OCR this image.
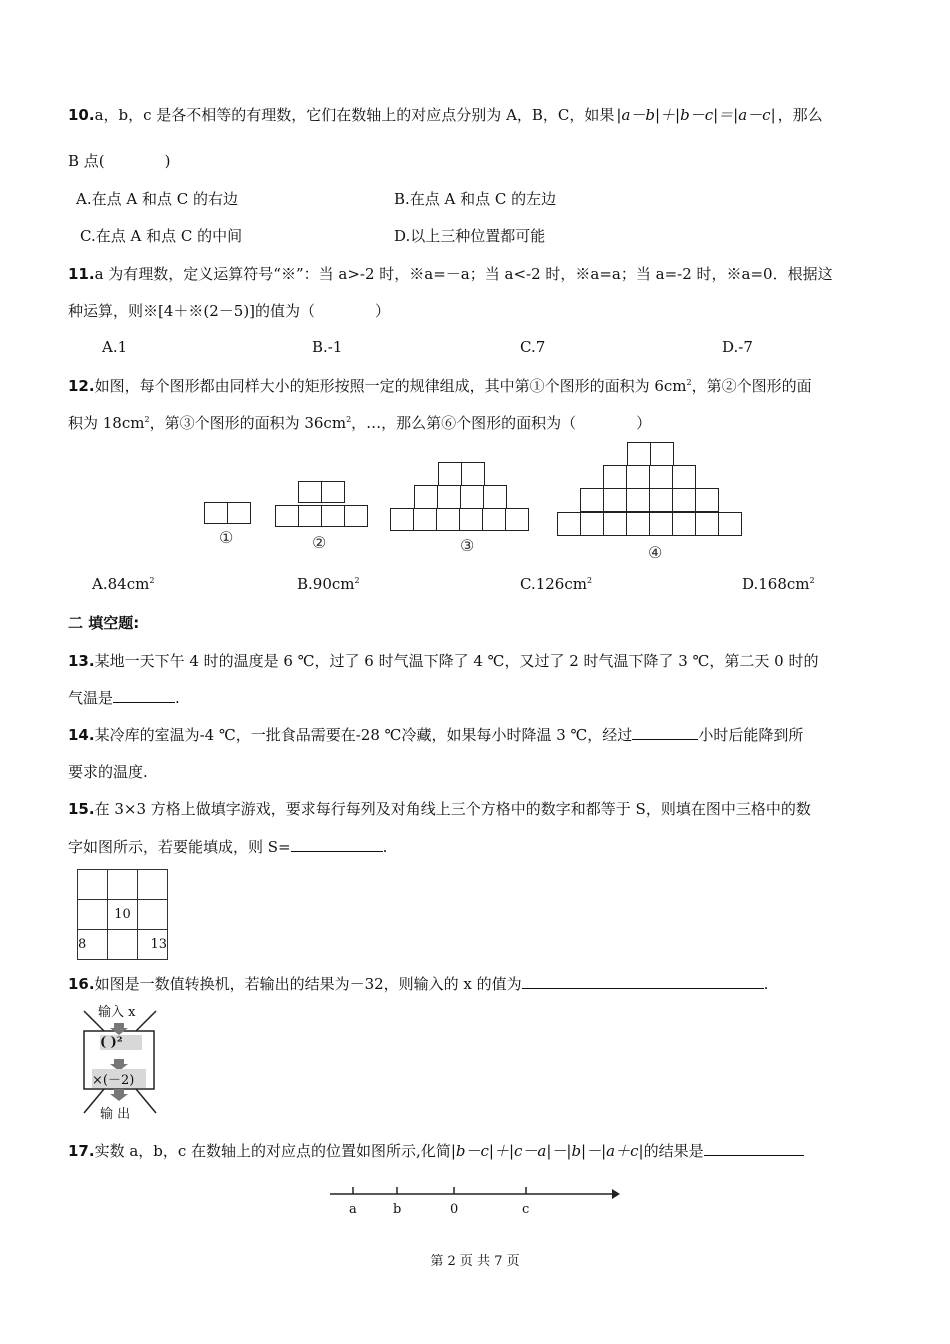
10.a，b，c 是各不相等的有理数，它们在数轴上的对应点分别为 A，B，C，如果 |a－b|＋|b－c|＝|a－c| ，那么
B 点(　　　　)
A.在点 A 和点 C 的右边	B.在点 A 和点 C 的左边
C.在点 A 和点 C 的中间	D.以上三种位置都可能
11.a 为有理数，定义运算符号“※”：当 a>-2 时，※a=－a；当 a<-2 时，※a=a；当 a=-2 时，※a=0．根据这
种运算，则※[4＋※(2－5)]的值为（　　　　）
A.1	B.-1	C.7	D.-7
12.如图，每个图形都由同样大小的矩形按照一定的规律组成，其中第①个图形的面积为 $6cm^2$，第②个图形的面
积为 $18cm^2$，第③个图形的面积为 $36cm^2$，…，那么第⑥个图形的面积为（　　　　）
①	②	③	④
$A.84cm^2$	$B.90cm^2$	$C.126cm^2$	$D.168cm^2$
二 填空题:
13.某地一天下午 4 时的温度是 6 ℃，过了 6 时气温下降了 4 ℃，又过了 2 时气温下降了 3 ℃，第二天 0 时的
气温是	.
14.某冷库的室温为-4 ℃，一批食品需要在-28 ℃冷藏，如果每小时降温 3 ℃，经过	小时后能降到所
要求的温度.
15.在 3×3 方格上做填字游戏，要求每行每列及对角线上三个方格中的数字和都等于 S，则填在图中三格中的数
字如图所示，若要能填成，则 S=	.

	10	
8		13
16.如图是一数值转换机，若输出的结果为－32，则输入的 x 的值为	.
输入 x
( )²
×(－2)
输 出
17.实数 a，b，c 在数轴上的对应点的位置如图所示,化简|b－c|＋|c－a|－|b|－|a＋c|的结果是
a	b	0	c
第 2 页 共 7 页
